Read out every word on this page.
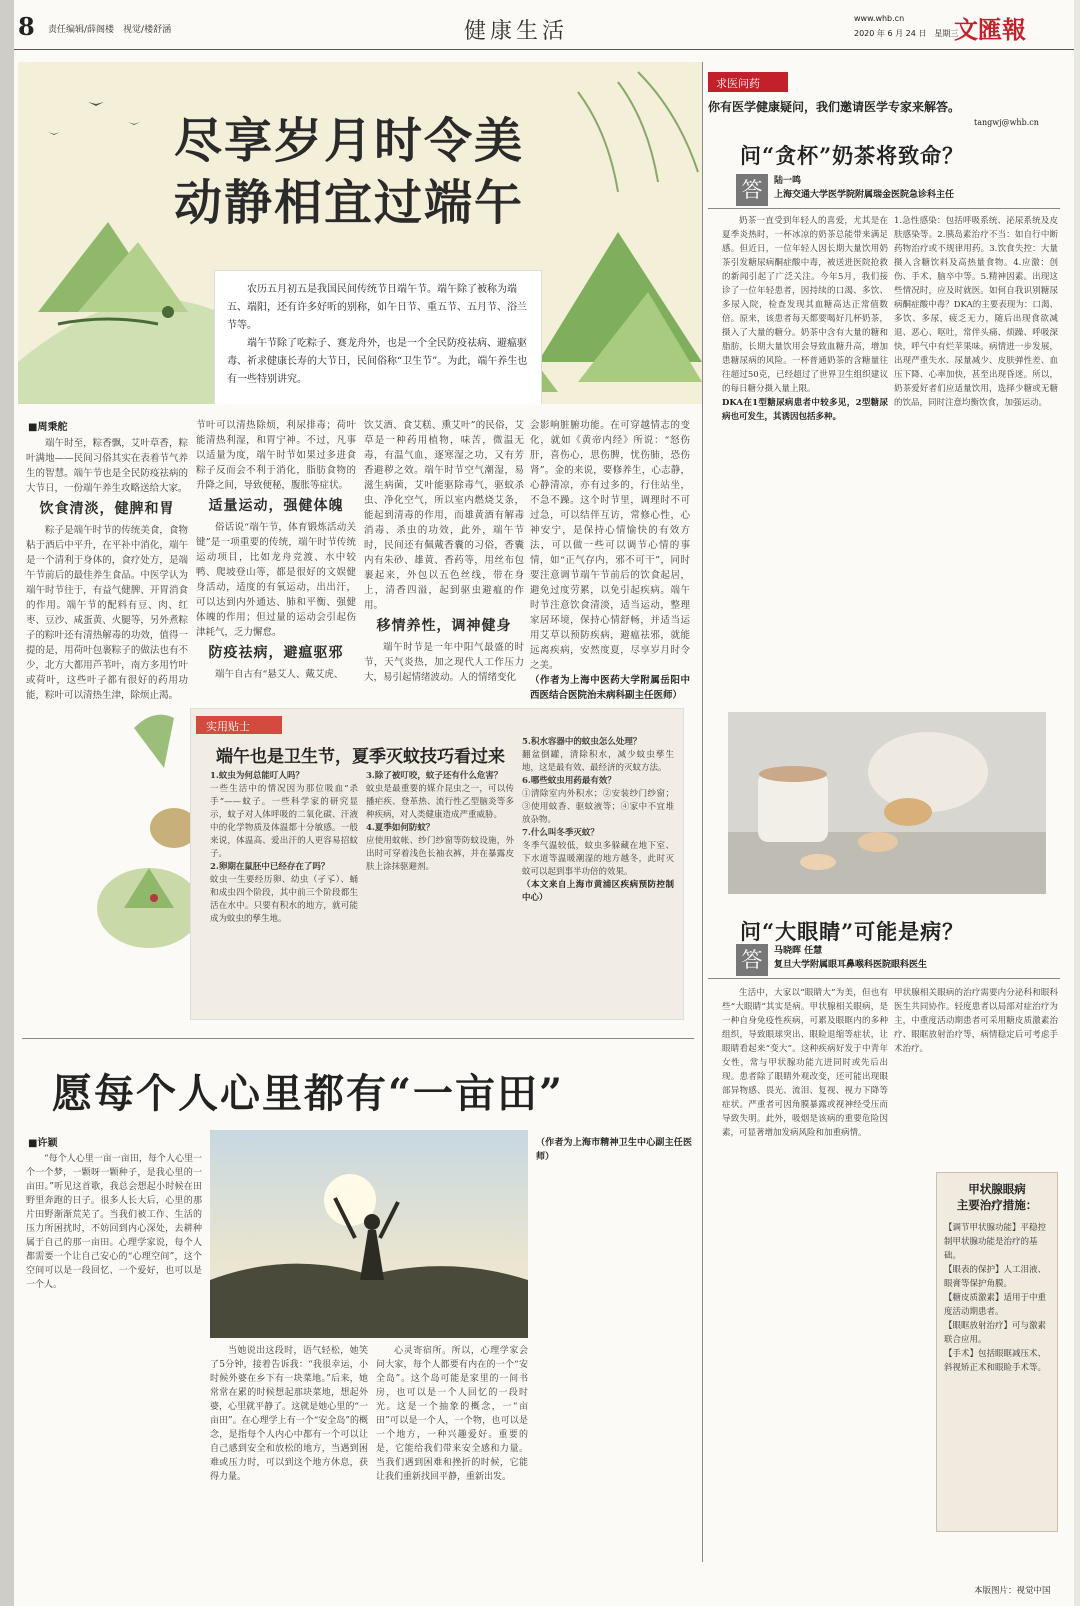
8 责任编辑/薛阁楼　视觉/楼舒涵	健康生活
www.whb.cn
2020 年 6 月 24 日　星期三
文匯報
尽享岁月时令美
动静相宜过端午

农历五月初五是我国民间传统节日端午节。端午除了被称为端五、端阳，还有许多好听的别称，如午日节、重五节、五月节、浴兰节等。

端午节除了吃粽子、赛龙舟外，也是一个全民防疫祛病、避瘟驱毒、祈求健康长寿的大节日，民间俗称“卫生节”。为此，端午养生也有一些特别讲究。

■周秉舵
端午时至，粽香飘，艾叶草香，粽叶满地——民间习俗其实在表着节气养生的智慧。端午节也是全民防疫祛病的大节日，一份端午养生攻略送给大家。
饮食清淡，健脾和胃
粽子是端午时节的传统美食，食物粘于酒后中平升，在平补中消化，端午是一个清利于身体的，食疗处方，是端午节前后的最佳养生食品。中医学认为端午时节往于，有益气健脾、开胃消食的作用。端午节的配料有豆、肉、红枣、豆沙、咸蛋黄、火腿等，另外煮粽子的粽叶还有清热解毒的功效，值得一提的是，用荷叶包裹粽子的做法也有不少，北方大都用芦苇叶，南方多用竹叶或荷叶，这些叶子都有很好的药用功能，粽叶可以清热生津，除烦止渴。
节叶可以清热除烦，利尿排毒；荷叶能清热利湿，和胃宁神。不过，凡事以适量为度，端午时节如果过多进食粽子反而会不利于消化，脂肪食物的升降之间，导致便秘，腹胀等症状。
适量运动，强健体魄
俗话说“端午节，体育锻炼活动关键”是一项重要的传统，端午时节传统运动项目，比如龙舟竞渡、水中较鸭、爬坡登山等，都是很好的文娱健身活动，适度的有氧运动，出出汗，可以达到内外通达、肺和平衡、强健体魄的作用；但过量的运动会引起伤津耗气，乏力懈怠。
防疫祛病，避瘟驱邪
端午自古有“悬艾人、戴艾虎、
饮艾酒、食艾糕、熏艾叶”的民俗，艾草是一种药用植物，味苦，微温无毒，有温气血，逐寒湿之功，又有芳香避秽之效。端午时节空气潮湿，易滋生病菌，艾叶能驱除毒气，驱蚊杀虫、净化空气，所以室内燃烧艾条，能起到清毒的作用，而雄黄酒有解毒消毒、杀虫的功效，此外，端午节时，民间还有佩戴香囊的习俗，香囊内有朱砂、雄黄、香药等，用丝布包裹起来，外包以五色丝线，带在身上，清香四溢，起到驱虫避瘟的作用。
移情养性，调神健身
端午时节是一年中阳气最盛的时节，天气炎热，加之现代人工作压力大，易引起情绪波动。人的情绪变化
会影响脏腑功能。在可穿越情志的变化，就如《黄帝内经》所说：“怒伤肝，喜伤心，思伤脾，忧伤肺，恐伤肾”。金的来说，要修养生，心志静，心静清凉，亦有过多的，行住站坐，不急不躁。这个时节里，调理时不可过急，可以结伴互访，常修心性，心神安宁，是保持心情愉快的有效方法，可以做一些可以调节心情的事情，如“正气存内，邪不可干”，同时要注意调节端午节前后的饮食起居，避免过度劳累，以免引起疾病。端午时节注意饮食清淡，适当运动，整理家居环境，保持心情舒畅，并适当运用艾草以预防疾病，避瘟祛邪，就能远离疾病，安然度夏，尽享岁月时令之美。
（作者为上海中医药大学附属岳阳中西医结合医院治未病科副主任医师）
实用贴士
端午也是卫生节，夏季灭蚊技巧看过来
1.蚊虫为何总能叮人吗？
一些生活中的情况因为那位吸血“杀手”——蚊子。一些科学家的研究显示，蚊子对人体呼吸的二氧化碳、汗液中的化学物质及体温都十分敏感。一般来说，体温高、爱出汗的人更容易招蚊子。
2.卵期在鼠胚中已经存在了吗？
蚊虫一生要经历卵、幼虫（孑孓）、蛹和成虫四个阶段，其中前三个阶段都生活在水中。只要有积水的地方，就可能成为蚊虫的孳生地。
3.除了被叮咬，蚊子还有什么危害？
蚊虫是最重要的媒介昆虫之一，可以传播疟疾、登革热、流行性乙型脑炎等多种疾病，对人类健康造成严重威胁。
4.夏季如何防蚊？
应使用蚊帐、纱门纱窗等防蚊设施，外出时可穿着浅色长袖衣裤，并在暴露皮肤上涂抹驱避剂。
5.积水容器中的蚊虫怎么处理？
翻盆倒罐，清除积水，减少蚊虫孳生地，这是最有效、最经济的灭蚊方法。
6.哪些蚊虫用药最有效？
①清除室内外积水；②安装纱门纱窗；③使用蚊香、驱蚊液等；④家中不宜堆放杂物。
7.什么叫冬季灭蚊？
冬季气温较低，蚊虫多躲藏在地下室、下水道等温暖潮湿的地方越冬，此时灭蚊可以起到事半功倍的效果。
（本文来自上海市黄浦区疾病预防控制中心）
求医问药
你有医学健康疑问，我们邀请医学专家来解答。
tangwj@whb.cn
问“贪杯”奶茶将致命？
答	陆一鸣
上海交通大学医学院附属瑞金医院急诊科主任
奶茶一直受到年轻人的喜爱，尤其是在夏季炎热时，一杯冰凉的奶茶总能带来满足感。但近日，一位年轻人因长期大量饮用奶茶引发糖尿病酮症酸中毒，被送进医院抢救的新闻引起了广泛关注。今年5月，我们接诊了一位年轻患者，因持续的口渴、多饮、多尿入院，检查发现其血糖高达正常值数倍。原来，该患者每天都要喝好几杯奶茶，摄入了大量的糖分。奶茶中含有大量的糖和脂肪，长期大量饮用会导致血糖升高，增加患糖尿病的风险。一杯普通奶茶的含糖量往往超过50克，已经超过了世界卫生组织建议的每日糖分摄入量上限。
DKA在1型糖尿病患者中较多见，2型糖尿病也可发生，其诱因包括多种。
1.急性感染：包括呼吸系统、泌尿系统及皮肤感染等。2.胰岛素治疗不当：如自行中断药物治疗或不规律用药。3.饮食失控：大量摄入含糖饮料及高热量食物。4.应激：创伤、手术、脑卒中等。5.精神因素。出现这些情况时，应及时就医。如何自我识别糖尿病酮症酸中毒？DKA的主要表现为：口渴、多饮、多尿，疲乏无力，随后出现食欲减退、恶心、呕吐，常伴头痛、烦躁、呼吸深快，呼气中有烂苹果味。病情进一步发展，出现严重失水、尿量减少、皮肤弹性差、血压下降、心率加快，甚至出现昏迷。所以，奶茶爱好者们应适量饮用，选择少糖或无糖的饮品，同时注意均衡饮食，加强运动。
问“大眼睛”可能是病？
答	马晓晖 任慧
复旦大学附属眼耳鼻喉科医院眼科医生
生活中，大家以“眼睛大”为美，但也有些“大眼睛”其实是病。甲状腺相关眼病，是一种自身免疫性疾病，可累及眼眶内的多种组织，导致眼球突出、眼睑退缩等症状，让眼睛看起来“变大”。这种疾病好发于中青年女性，常与甲状腺功能亢进同时或先后出现。患者除了眼睛外观改变，还可能出现眼部异物感、畏光、流泪、复视、视力下降等症状。严重者可因角膜暴露或视神经受压而导致失明。此外，吸烟是该病的重要危险因素，可显著增加发病风险和加重病情。
甲状腺相关眼病的治疗需要内分泌科和眼科医生共同协作。轻度患者以局部对症治疗为主，中重度活动期患者可采用糖皮质激素治疗、眼眶放射治疗等，病情稳定后可考虑手术治疗。
甲状腺眼病
主要治疗措施：
【调节甲状腺功能】平稳控制甲状腺功能是治疗的基础。
【眼表的保护】人工泪液、眼膏等保护角膜。
【糖皮质激素】适用于中重度活动期患者。
【眼眶放射治疗】可与激素联合应用。
【手术】包括眼眶减压术、斜视矫正术和眼睑手术等。
愿每个人心里都有“一亩田”
■许颖
“每个人心里一亩一亩田，每个人心里一个一个梦，一颗呀一颗种子，是我心里的一亩田。”听见这首歌，我总会想起小时候在田野里奔跑的日子。很多人长大后，心里的那片田野渐渐荒芜了。当我们被工作、生活的压力所困扰时，不妨回到内心深处，去耕种属于自己的那一亩田。心理学家说，每个人都需要一个让自己安心的“心理空间”，这个空间可以是一段回忆、一个爱好，也可以是一个人。
当她说出这段时，语气轻松，她笑了5分钟，接着告诉我：“我很幸运，小时候外婆在乡下有一块菜地。”后来，她常常在累的时候想起那块菜地，想起外婆，心里就平静了。这就是她心里的“一亩田”。在心理学上有一个“安全岛”的概念，是指每个人内心中都有一个可以让自己感到安全和放松的地方，当遇到困难或压力时，可以到这个地方休息，获得力量。
心灵寄宿所。所以，心理学家会问大家，每个人都要有内在的一个“安全岛”。这个岛可能是家里的一间书房，也可以是一个人回忆的一段时光。这是一个抽象的概念，一“亩田”可以是一个人，一个物，也可以是一个地方，一种兴趣爱好。重要的是，它能给我们带来安全感和力量。当我们遇到困难和挫折的时候，它能让我们重新找回平静，重新出发。
（作者为上海市精神卫生中心副主任医师）
本版图片：视觉中国
